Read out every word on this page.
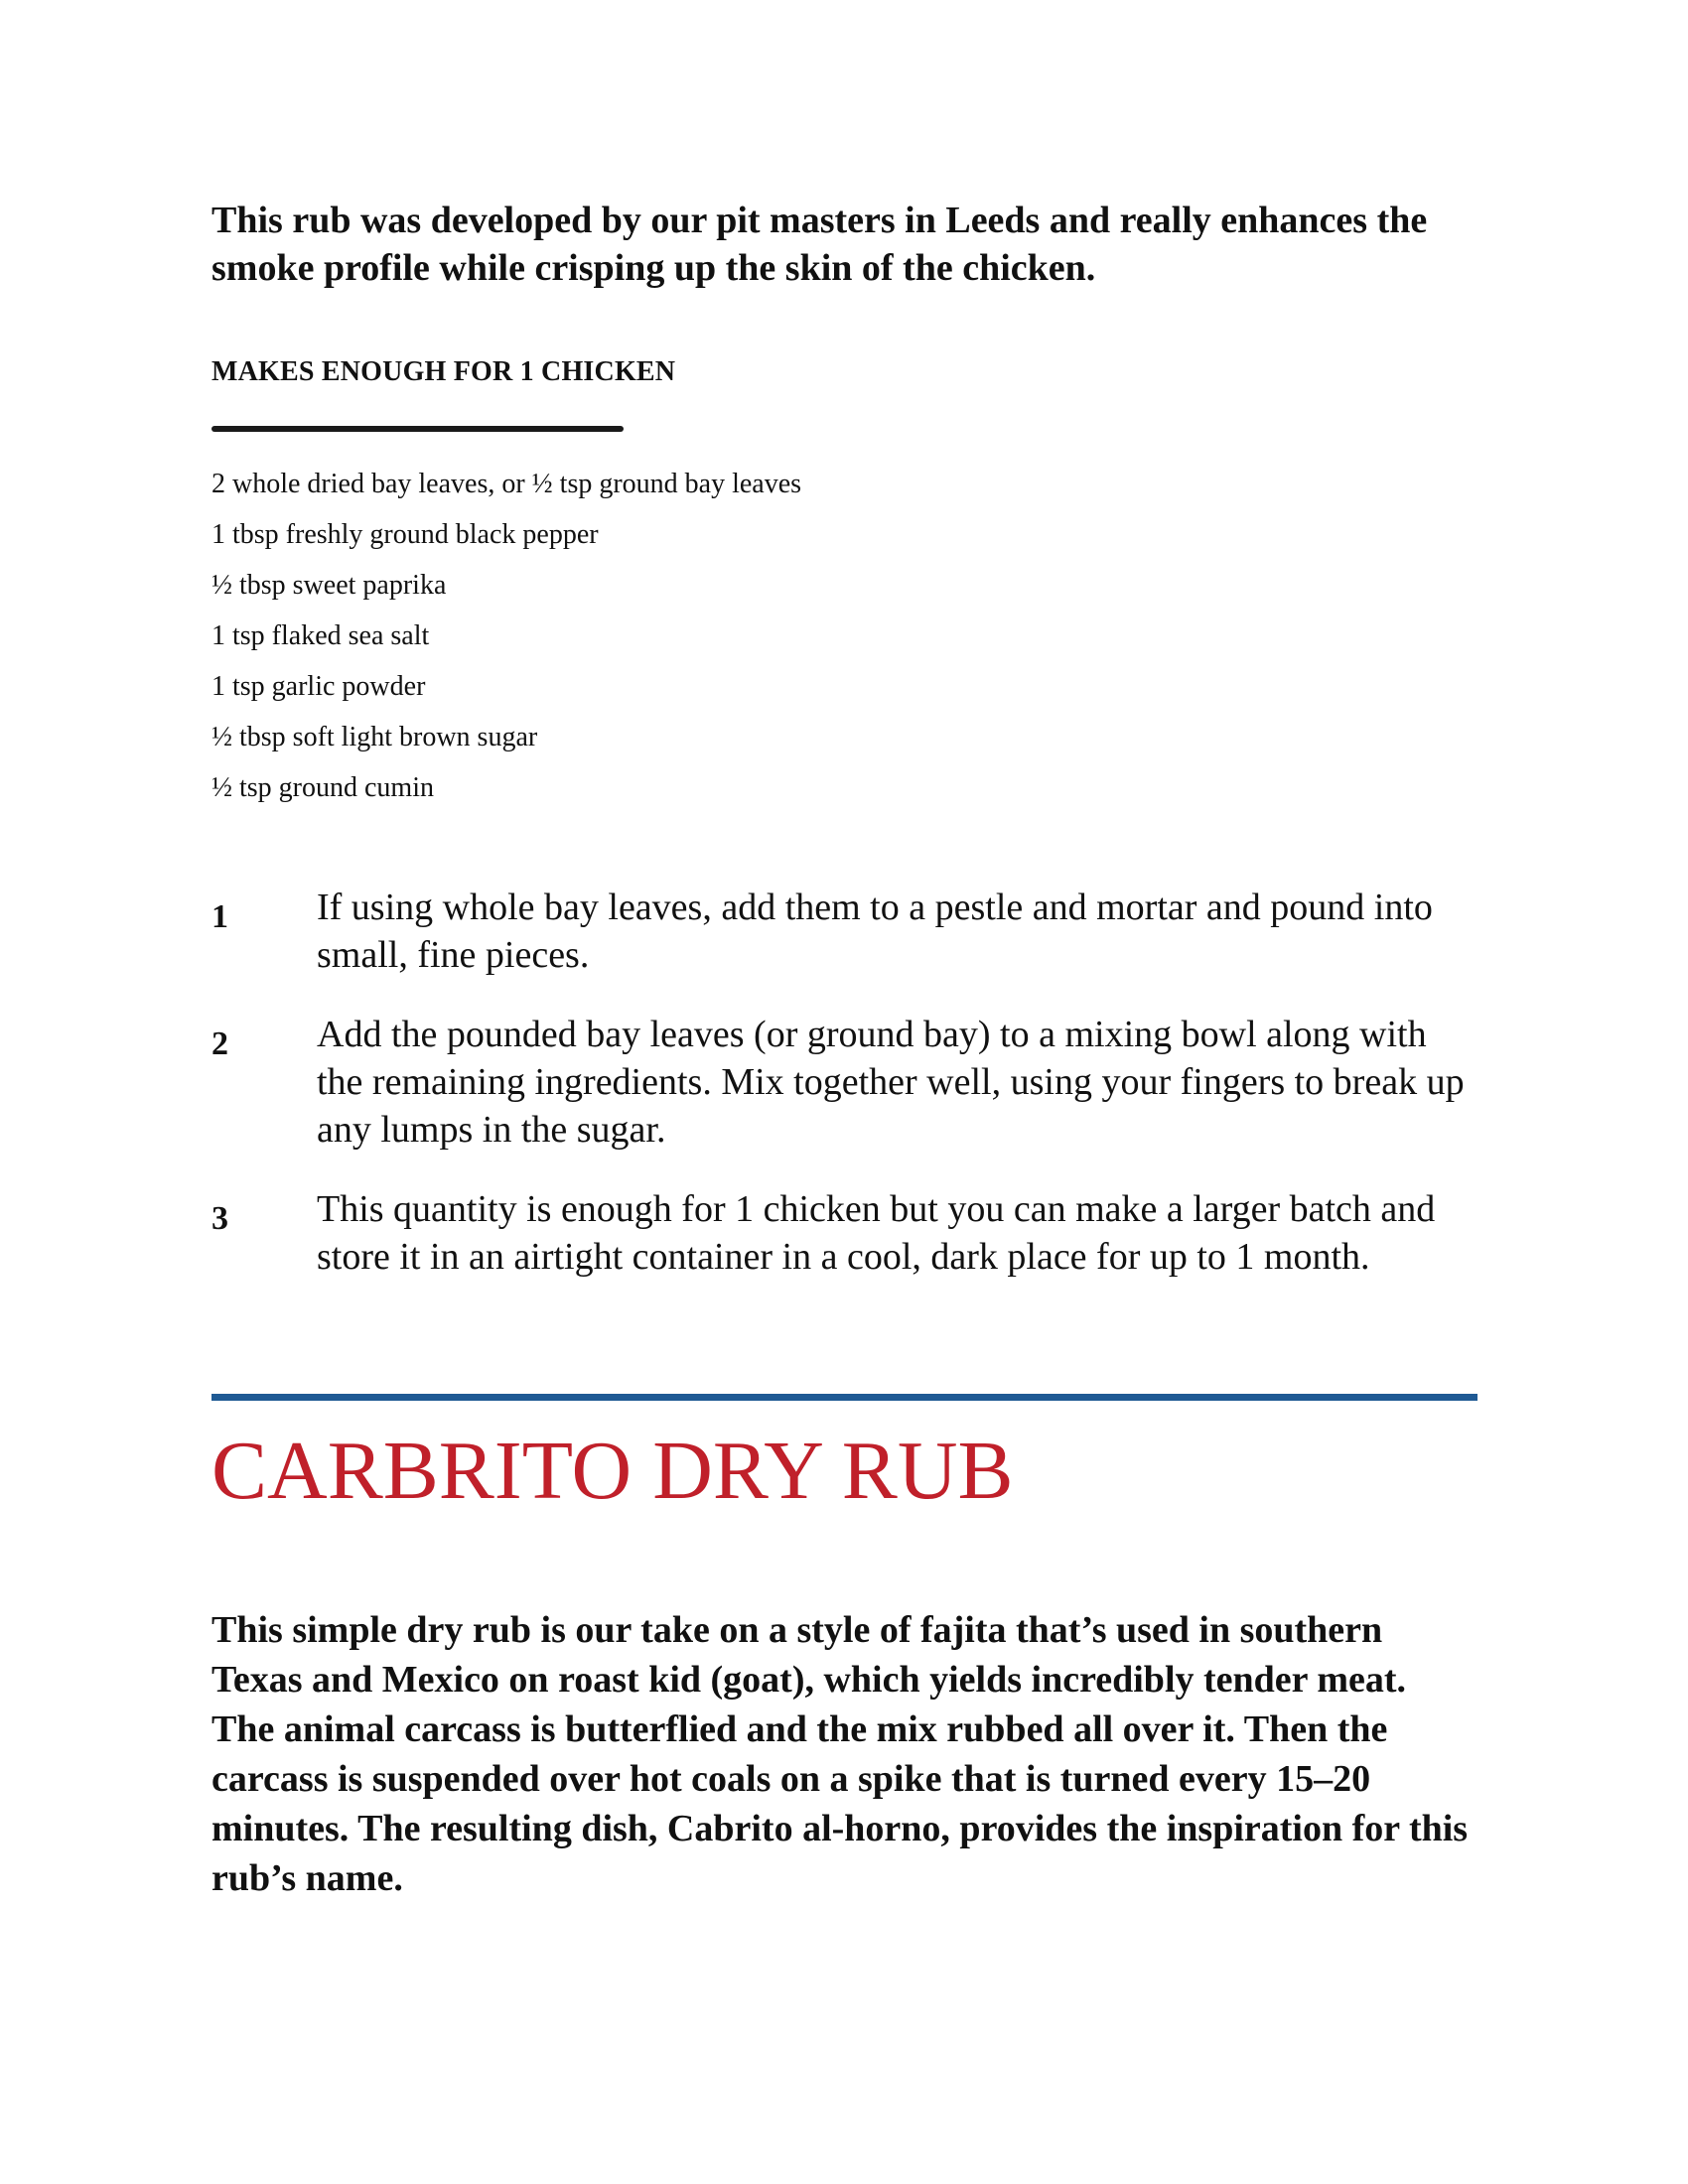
This rub was developed by our pit masters in Leeds and really enhances the smoke profile while crisping up the skin of the chicken.

MAKES ENOUGH FOR 1 CHICKEN

2 whole dried bay leaves, or ½ tsp ground bay leaves
1 tbsp freshly ground black pepper
½ tbsp sweet paprika
1 tsp flaked sea salt
1 tsp garlic powder
½ tbsp soft light brown sugar
½ tsp ground cumin
1 If using whole bay leaves, add them to a pestle and mortar and pound into small, fine pieces.
2 Add the pounded bay leaves (or ground bay) to a mixing bowl along with the remaining ingredients. Mix together well, using your fingers to break up any lumps in the sugar.
3 This quantity is enough for 1 chicken but you can make a larger batch and store it in an airtight container in a cool, dark place for up to 1 month.
CARBRITO DRY RUB

This simple dry rub is our take on a style of fajita that’s used in southern Texas and Mexico on roast kid (goat), which yields incredibly tender meat. The animal carcass is butterflied and the mix rubbed all over it. Then the carcass is suspended over hot coals on a spike that is turned every 15–20 minutes. The resulting dish, Cabrito al-horno, provides the inspiration for this rub’s name.
